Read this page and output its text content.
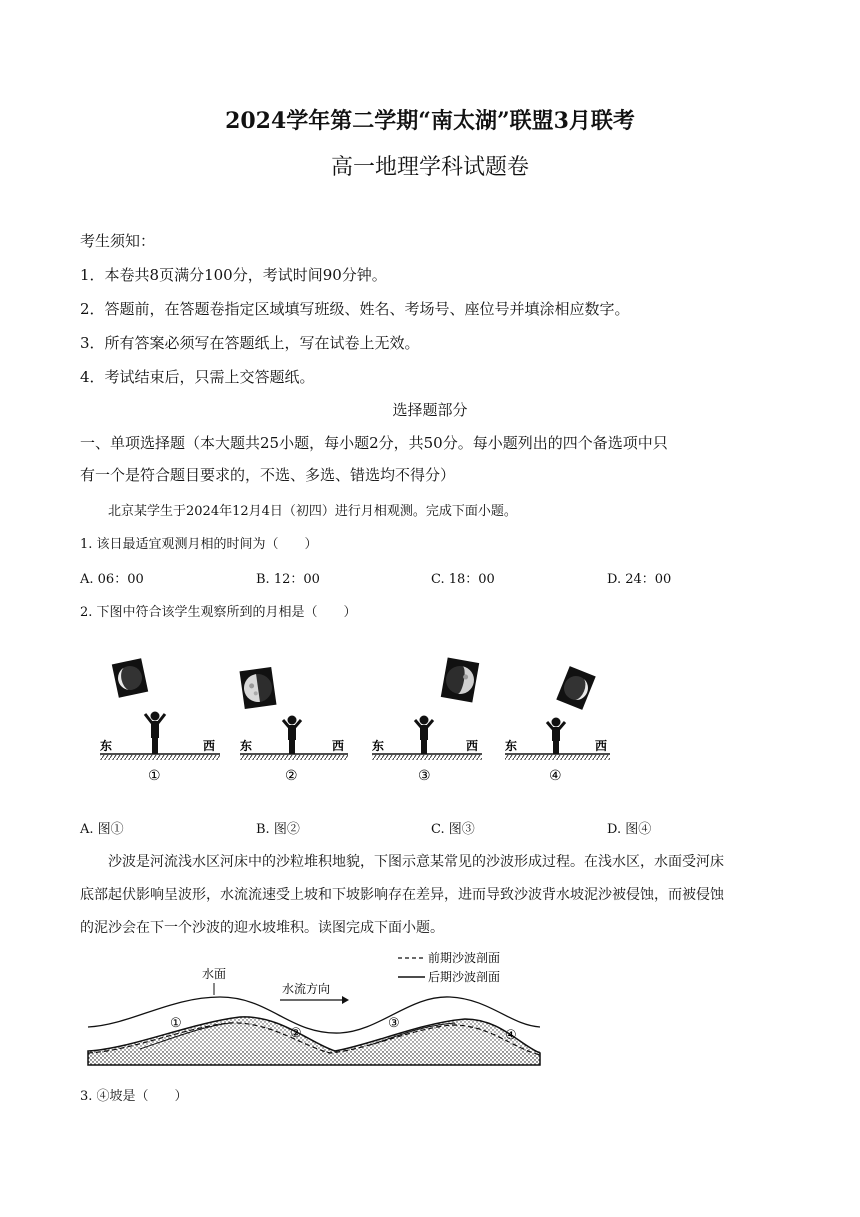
2024学年第二学期“南太湖”联盟3月联考
高一地理学科试题卷
考生须知：
1．本卷共8页满分100分，考试时间90分钟。
2．答题前，在答题卷指定区域填写班级、姓名、考场号、座位号并填涂相应数字。
3．所有答案必须写在答题纸上，写在试卷上无效。
4．考试结束后，只需上交答题纸。
选择题部分
一、单项选择题（本大题共25小题，每小题2分，共50分。每小题列出的四个备选项中只
有一个是符合题目要求的，不选、多选、错选均不得分）
北京某学生于2024年12月4日（初四）进行月相观测。完成下面小题。
1. 该日最适宜观测月相的时间为（　　）
A. 06：00	B. 12：00	C. 18：00	D. 24：00
2. 下图中符合该学生观察所到的月相是（　　）
东	西
①
东	西
②
东	西
③
东	西
④
A. 图①	B. 图②	C. 图③	D. 图④
沙波是河流浅水区河床中的沙粒堆积地貌，下图示意某常见的沙波形成过程。在浅水区，水面受河床
底部起伏影响呈波形，水流流速受上坡和下坡影响存在差异，进而导致沙波背水坡泥沙被侵蚀，而被侵蚀
的泥沙会在下一个沙波的迎水坡堆积。读图完成下面小题。
前期沙波剖面
后期沙波剖面
水面
水流方向
①
②
③
④
3. ④坡是（　　）
